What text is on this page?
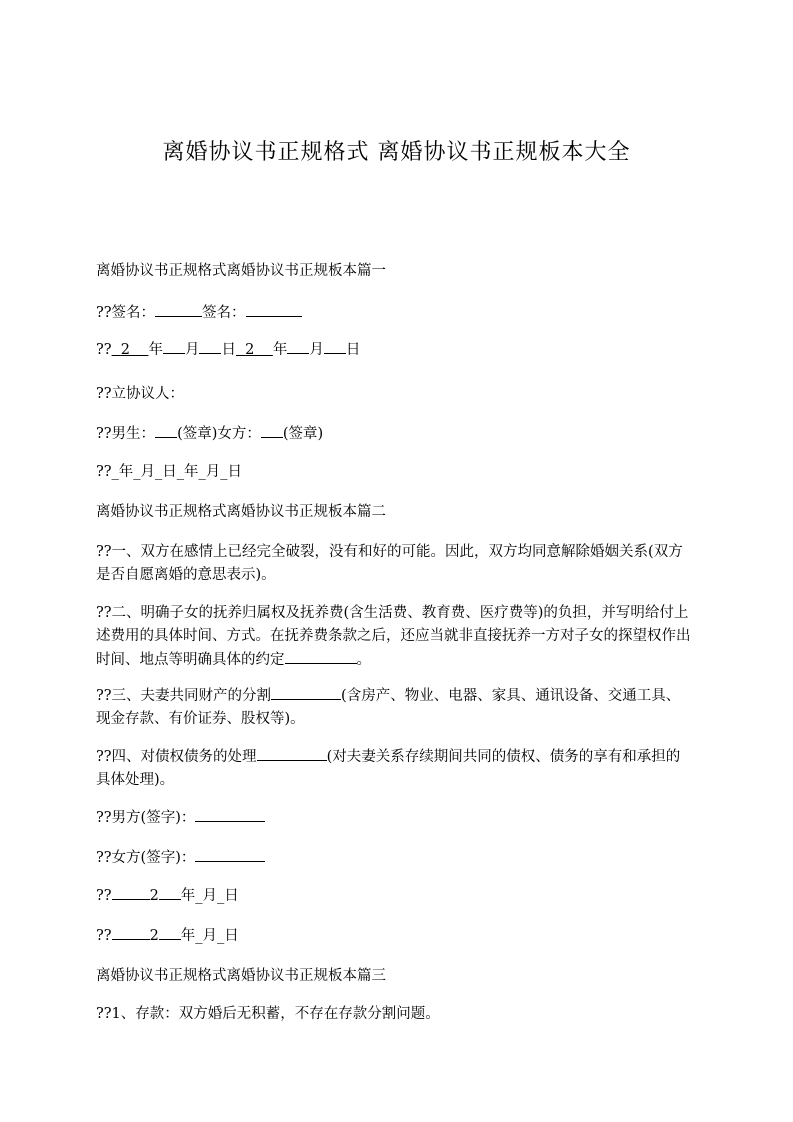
离婚协议书正规格式 离婚协议书正规板本大全
离婚协议书正规格式离婚协议书正规板本篇一
??签名：	签名：
?? 2 年 月 日 2 年 月 日
??立协议人：
??男生： (签章)女方： (签章)
??_年_月_日_年_月_日
离婚协议书正规格式离婚协议书正规板本篇二
??一、双方在感情上已经完全破裂，没有和好的可能。因此，双方均同意解除婚姻关系(双方是否自愿离婚的意思表示)。
??二、明确子女的抚养归属权及抚养费(含生活费、教育费、医疗费等)的负担，并写明给付上述费用的具体时间、方式。在抚养费条款之后，还应当就非直接抚养一方对子女的探望权作出时间、地点等明确具体的约定	。
??三、夫妻共同财产的分割	(含房产、物业、电器、家具、通讯设备、交通工具、现金存款、有价证券、股权等)。
??四、对债权债务的处理	(对夫妻关系存续期间共同的债权、债务的享有和承担的具体处理)。
??男方(签字)：
??女方(签字)：
??	2 年_月_日
??	2 年_月_日
离婚协议书正规格式离婚协议书正规板本篇三
??1、存款：双方婚后无积蓄，不存在存款分割问题。
